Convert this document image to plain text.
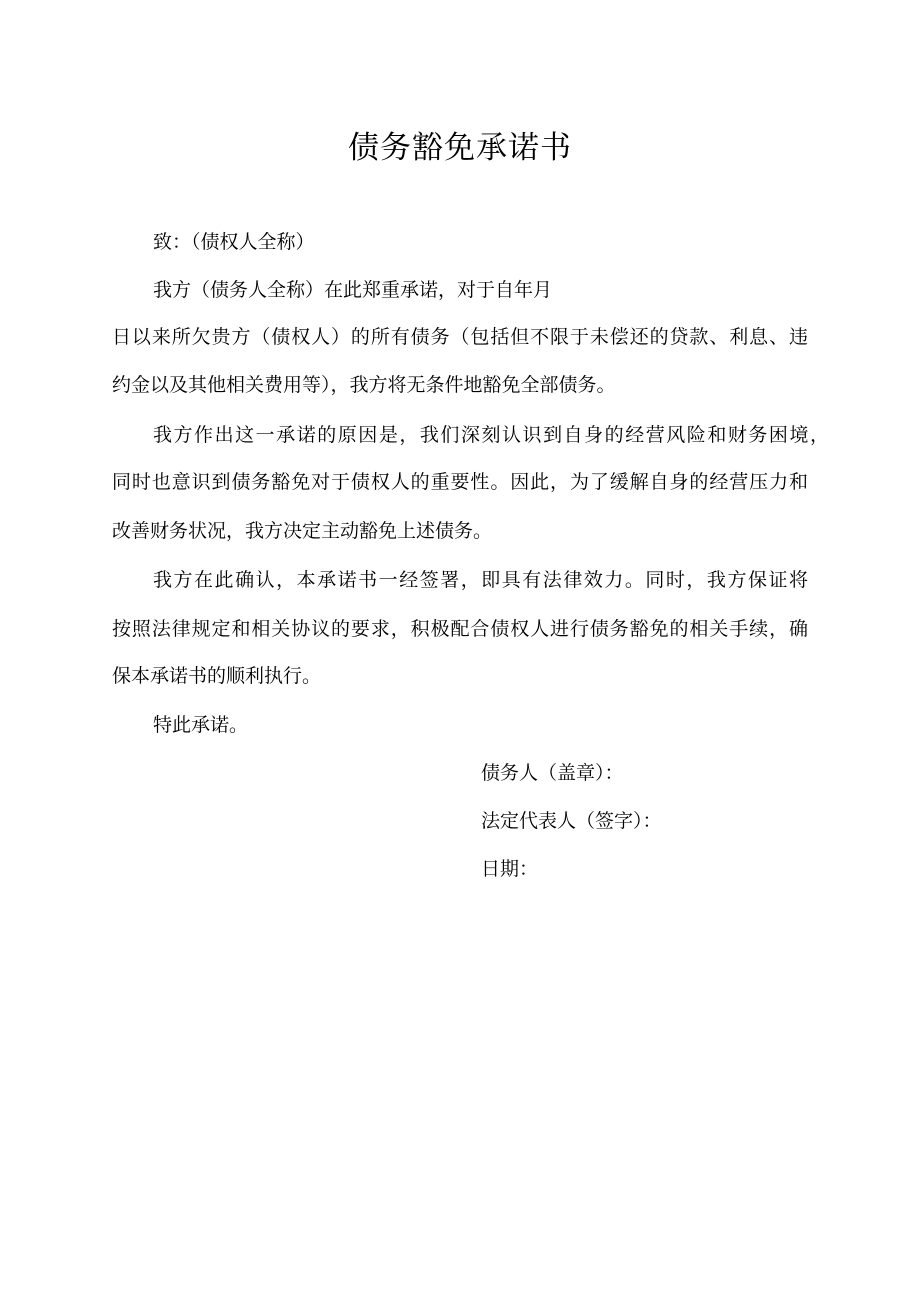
债务豁免承诺书
致：（债权人全称）
我方（债务人全称）在此郑重承诺，对于自年月
日以来所欠贵方（债权人）的所有债务（包括但不限于未偿还的贷款、利息、违
约金以及其他相关费用等），我方将无条件地豁免全部债务。
我方作出这一承诺的原因是，我们深刻认识到自身的经营风险和财务困境，
同时也意识到债务豁免对于债权人的重要性。因此，为了缓解自身的经营压力和
改善财务状况，我方决定主动豁免上述债务。
我方在此确认，本承诺书一经签署，即具有法律效力。同时，我方保证将
按照法律规定和相关协议的要求，积极配合债权人进行债务豁免的相关手续，确
保本承诺书的顺利执行。
特此承诺。
债务人（盖章）：
法定代表人（签字）：
日期：
